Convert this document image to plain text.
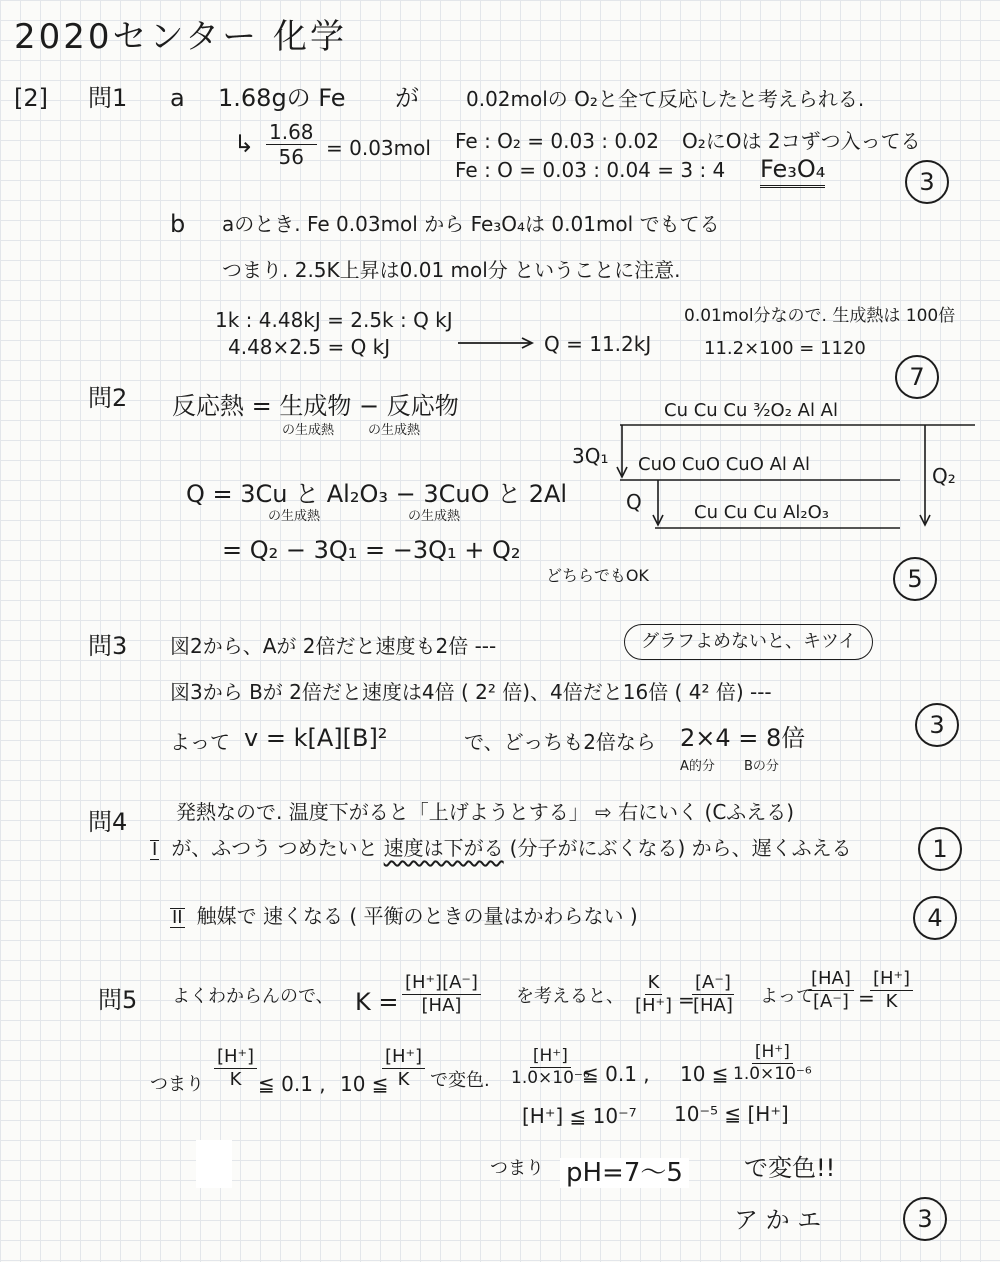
2020センター 化学
[2] 問1 a 1.68gの Fe が 0.02molの O₂と全て反応したと考えられる.
↳ $\frac{1.68}{56} = 0.03mol$ Fe : O₂ = 0.03 : 0.02 O₂にOは 2コずつ入ってる
Fe : O = 0.03 : 0.04 = 3 : 4 Fe₃O₄	3
b aのとき. Fe 0.03mol から Fe₃O₄は 0.01mol でもてる
つまり. 2.5K上昇は0.01 mol分 ということに注意.
1k : 4.48kJ = 2.5k : Q kJ
4.48×2.5 = Q kJ	Q = 11.2kJ
0.01mol分なので. 生成熱は 100倍
11.2×100 = 1120
7
問2 反応熱 = 生成物 − 反応物
の生成熱	の生成熱
Q = 3Cu と Al₂O₃ − 3CuO と 2Al
の生成熱	の生成熱
= Q₂ − 3Q₁ = −3Q₁ + Q₂
どちらでもOK
Cu Cu Cu ³⁄₂O₂ Al Al
CuO CuO CuO Al Al
Cu Cu Cu Al₂O₃
3Q₁
Q
Q₂
5
問3 図2から、Aが 2倍だと速度も2倍 ‐‐‐	グラフよめないと、キツイ
図3から Bが 2倍だと速度は4倍 ( 2² 倍)、4倍だと16倍 ( 4² 倍) ‐‐‐
よって v = k[A][B]²	で、どっちも2倍なら 2×4 = 8倍
A的分 Bの分
3
問4 発熱なので. 温度下がると「上げようとする」 ⇨ 右にいく (Cふえる)
I が、ふつう つめたいと 速度は下がる (分子がにぶくなる) から、遅くふえる	1
II 触媒で 速くなる ( 平衡のときの量はかわらない )	4
問5 よくわからんので、 $K = \frac{[H^+][A^-]}{[HA]}$ を考えると、 $\frac{K}{[H^+]}$ =
$\frac{[A^-]}{[HA]}$ よって
$\frac{[HA]}{[A^-]}$ =
$\frac{[H^+]}{K}$
つまり $\frac{[H^+]}{K}$ ≦ 0.1 , 10 ≦
$\frac{[H^+]}{K}$ で変色. $\frac{[H^+]}{\text{1.0×10⁻⁶}}$
≦ 0.1 , 10 ≦ $\frac{[H^+]}{\text{1.0×10⁻⁶}}$
[H⁺] ≦ 10⁻⁷ 10⁻⁵ ≦ [H⁺]
つまり pH=7〜5	で変色!!
ア か エ	3
